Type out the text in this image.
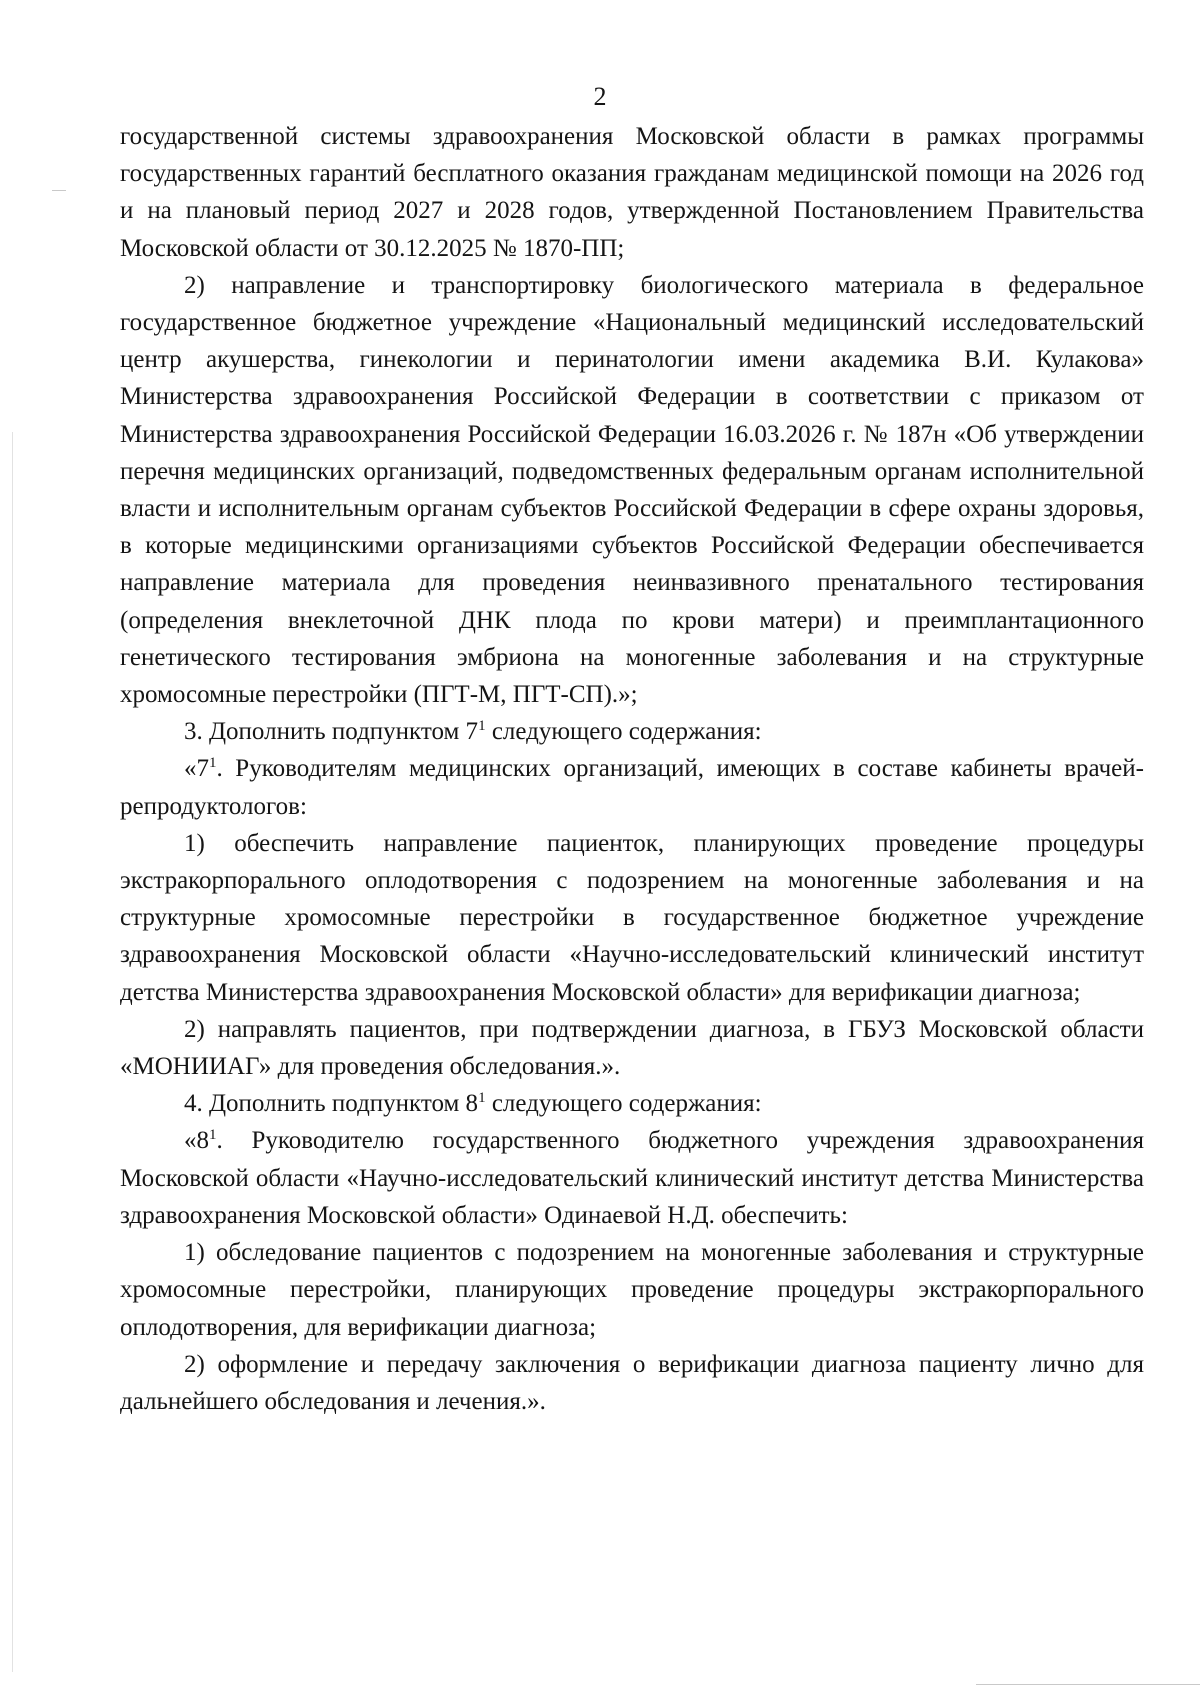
2

государственной системы здравоохранения Московской области в рамках программы государственных гарантий бесплатного оказания гражданам медицинской помощи на 2026 год и на плановый период 2027 и 2028 годов, утвержденной Постановлением Правительства Московской области от 30.12.2025 № 1870-ПП;

2) направление и транспортировку биологического материала в федеральное государственное бюджетное учреждение «Национальный медицинский исследовательский центр акушерства, гинекологии и перинатологии имени академика В.И. Кулакова» Министерства здравоохранения Российской Федерации в соответствии с приказом от Министерства здравоохранения Российской Федерации 16.03.2026 г. № 187н «Об утверждении перечня медицинских организаций, подведомственных федеральным органам исполнительной власти и исполнительным органам субъектов Российской Федерации в сфере охраны здоровья, в которые медицинскими организациями субъектов Российской Федерации обеспечивается направление материала для проведения неинвазивного пренатального тестирования (определения внеклеточной ДНК плода по крови матери) и преимплантационного генетического тестирования эмбриона на моногенные заболевания и на структурные хромосомные перестройки (ПГТ-М, ПГТ-СП).»;

3. Дополнить подпунктом $7^1$ следующего содержания:

«$7^1$. Руководителям медицинских организаций, имеющих в составе кабинеты врачей-репродуктологов:

1) обеспечить направление пациенток, планирующих проведение процедуры экстракорпорального оплодотворения с подозрением на моногенные заболевания и на структурные хромосомные перестройки в государственное бюджетное учреждение здравоохранения Московской области «Научно-исследовательский клинический институт детства Министерства здравоохранения Московской области» для верификации диагноза;

2) направлять пациентов, при подтверждении диагноза, в ГБУЗ Московской области «МОНИИАГ» для проведения обследования.».

4. Дополнить подпунктом $8^1$ следующего содержания:

«$8^1$. Руководителю государственного бюджетного учреждения здравоохранения Московской области «Научно-исследовательский клинический институт детства Министерства здравоохранения Московской области» Одинаевой Н.Д. обеспечить:

1) обследование пациентов с подозрением на моногенные заболевания и структурные хромосомные перестройки, планирующих проведение процедуры экстракорпорального оплодотворения, для верификации диагноза;

2) оформление и передачу заключения о верификации диагноза пациенту лично для дальнейшего обследования и лечения.».
